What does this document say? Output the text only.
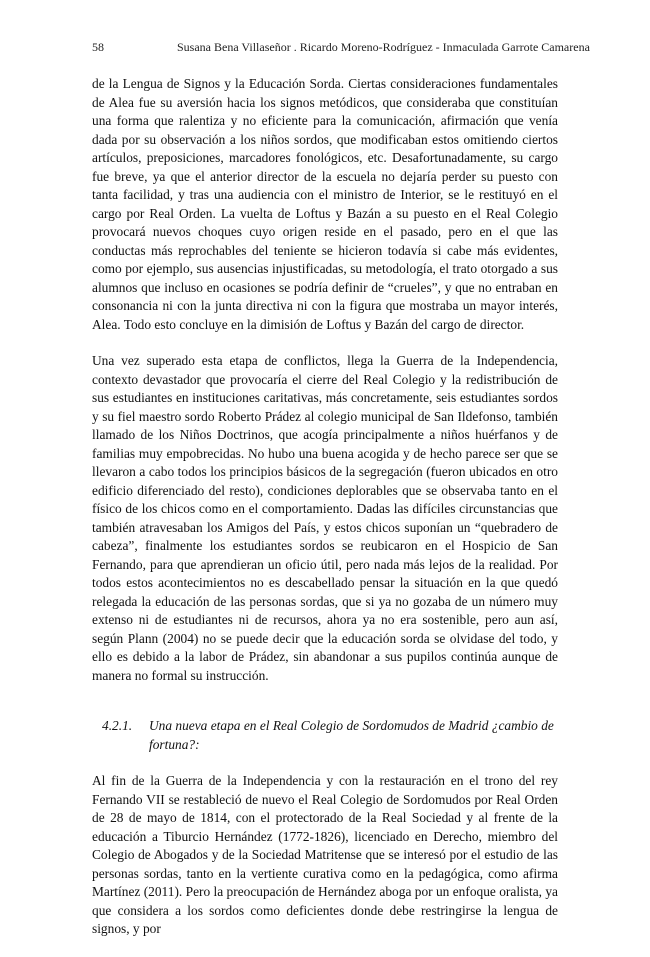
58	Susana Bena Villaseñor . Ricardo Moreno-Rodríguez - Inmaculada Garrote Camarena

de la Lengua de Signos y la Educación Sorda. Ciertas consideraciones fundamentales de Alea fue su aversión hacia los signos metódicos, que consideraba que constituían una forma que ralentiza y no eficiente para la comunicación, afirmación que venía dada por su observación a los niños sordos, que modificaban estos omitiendo ciertos artículos, preposiciones, marcadores fonológicos, etc. Desafortunadamente, su cargo fue breve, ya que el anterior director de la escuela no dejaría perder su puesto con tanta facilidad, y tras una audiencia con el ministro de Interior, se le restituyó en el cargo por Real Orden. La vuelta de Loftus y Bazán a su puesto en el Real Colegio provocará nuevos choques cuyo origen reside en el pasado, pero en el que las conductas más reprochables del teniente se hicieron todavía si cabe más evidentes, como por ejemplo, sus ausencias injustificadas, su metodología, el trato otorgado a sus alumnos que incluso en ocasiones se podría definir de “crueles”, y que no entraban en consonancia ni con la junta directiva ni con la figura que mostraba un mayor interés, Alea. Todo esto concluye en la dimisión de Loftus y Bazán del cargo de director.

Una vez superado esta etapa de conflictos, llega la Guerra de la Independencia, contexto devastador que provocaría el cierre del Real Colegio y la redistribución de sus estudiantes en instituciones caritativas, más concretamente, seis estudiantes sordos y su fiel maestro sordo Roberto Prádez al colegio municipal de San Ildefonso, también llamado de los Niños Doctrinos, que acogía principalmente a niños huérfanos y de familias muy empobrecidas. No hubo una buena acogida y de hecho parece ser que se llevaron a cabo todos los principios básicos de la segregación (fueron ubicados en otro edificio diferenciado del resto), condiciones deplorables que se observaba tanto en el físico de los chicos como en el comportamiento. Dadas las difíciles circunstancias que también atravesaban los Amigos del País, y estos chicos suponían un “quebradero de cabeza”, finalmente los estudiantes sordos se reubicaron en el Hospicio de San Fernando, para que aprendieran un oficio útil, pero nada más lejos de la realidad. Por todos estos acontecimientos no es descabellado pensar la situación en la que quedó relegada la educación de las personas sordas, que si ya no gozaba de un número muy extenso ni de estudiantes ni de recursos, ahora ya no era sostenible, pero aun así, según Plann (2004) no se puede decir que la educación sorda se olvidase del todo, y ello es debido a la labor de Prádez, sin abandonar a sus pupilos continúa aunque de manera no formal su instrucción.

4.2.1.	Una nueva etapa en el Real Colegio de Sordomudos de Madrid ¿cambio de fortuna?:

Al fin de la Guerra de la Independencia y con la restauración en el trono del rey Fernando VII se restableció de nuevo el Real Colegio de Sordomudos por Real Orden de 28 de mayo de 1814, con el protectorado de la Real Sociedad y al frente de la educación a Tiburcio Hernández (1772-1826), licenciado en Derecho, miembro del Colegio de Abogados y de la Sociedad Matritense que se interesó por el estudio de las personas sordas, tanto en la vertiente curativa como en la pedagógica, como afirma Martínez (2011). Pero la preocupación de Hernández aboga por un enfoque oralista, ya que considera a los sordos como deficientes donde debe restringirse la lengua de signos, y por
